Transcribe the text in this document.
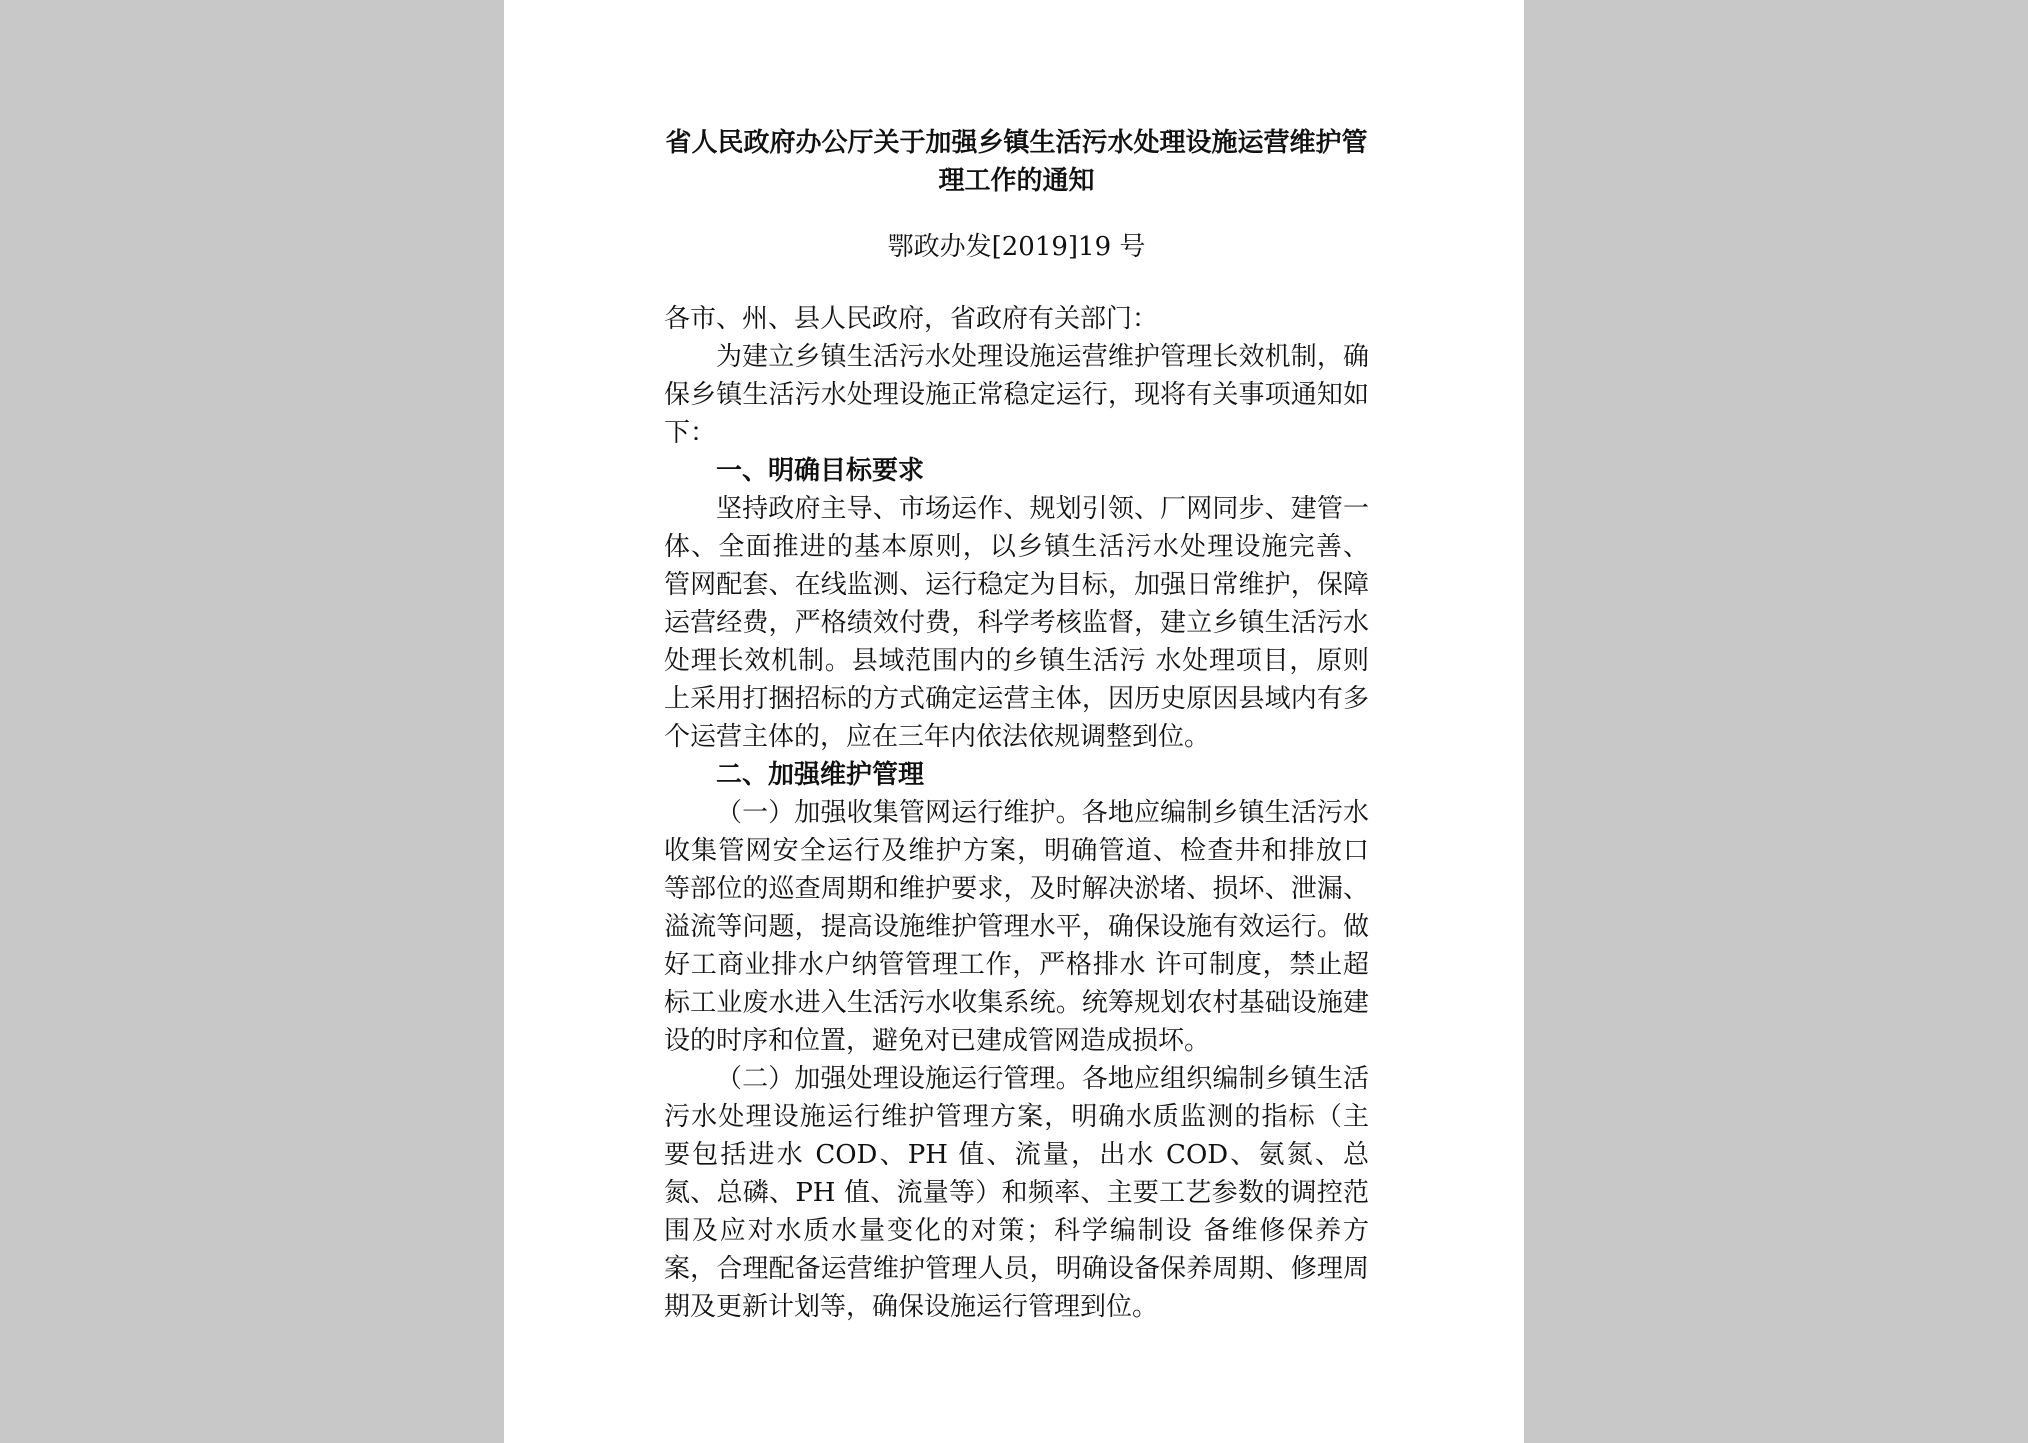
省人民政府办公厅关于加强乡镇生活污水处理设施运营维护管理工作的通知
鄂政办发[2019]19 号

各市、州、县人民政府，省政府有关部门：

为建立乡镇生活污水处理设施运营维护管理长效机制，确保乡镇生活污水处理设施正常稳定运行，现将有关事项通知如下：

一、明确目标要求

坚持政府主导、市场运作、规划引领、厂网同步、建管一体、全面推进的基本原则，以乡镇生活污水处理设施完善、 管网配套、在线监测、运行稳定为目标，加强日常维护，保障运营经费，严格绩效付费，科学考核监督，建立乡镇生活污水处理长效机制。县域范围内的乡镇生活污 水处理项目，原则上采用打捆招标的方式确定运营主体，因历史原因县域内有多个运营主体的，应在三年内依法依规调整到位。

二、加强维护管理

（一）加强收集管网运行维护。各地应编制乡镇生活污水收集管网安全运行及维护方案，明确管道、检查井和排放口 等部位的巡查周期和维护要求，及时解决淤堵、损坏、泄漏、溢流等问题，提高设施维护管理水平，确保设施有效运行。做好工商业排水户纳管管理工作，严格排水 许可制度，禁止超标工业废水进入生活污水收集系统。统筹规划农村基础设施建设的时序和位置，避免对已建成管网造成损坏。

（二）加强处理设施运行管理。各地应组织编制乡镇生活污水处理设施运行维护管理方案，明确水质监测的指标（主 要包括进水 COD、PH 值、流量，出水 COD、氨氮、总氮、总磷、PH 值、流量等）和频率、主要工艺参数的调控范围及应对水质水量变化的对策；科学编制设 备维修保养方案，合理配备运营维护管理人员，明确设备保养周期、修理周期及更新计划等，确保设施运行管理到位。
